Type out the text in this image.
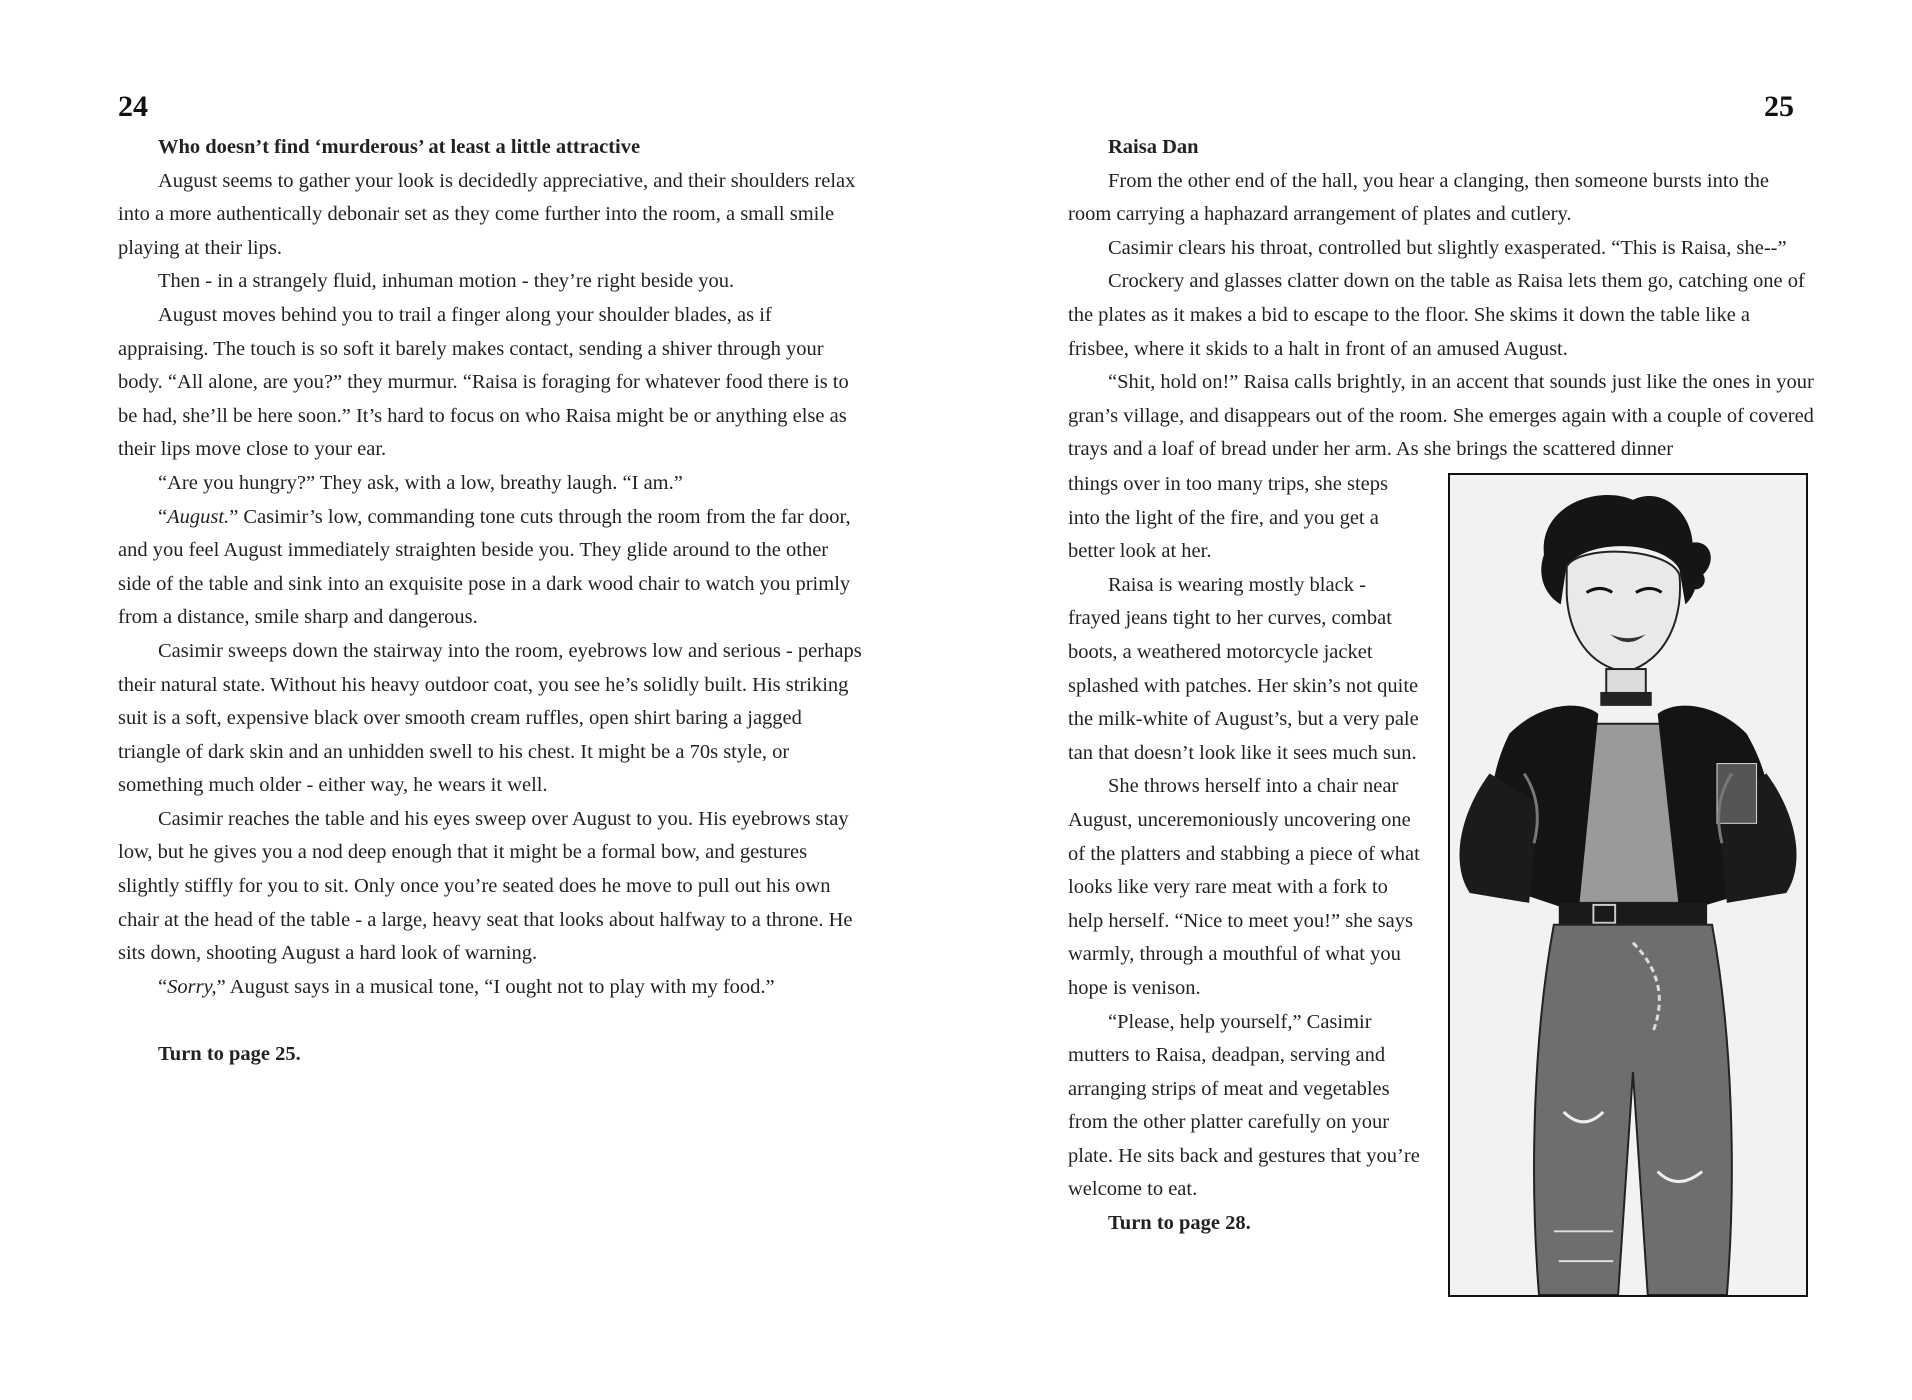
24

Who doesn’t find ‘murderous’ at least a little attractive

August seems to gather your look is decidedly appreciative, and their shoulders relax into a more authentically debonair set as they come further into the room, a small smile playing at their lips.

Then - in a strangely fluid, inhuman motion - they’re right beside you.

August moves behind you to trail a finger along your shoulder blades, as if appraising. The touch is so soft it barely makes contact, sending a shiver through your body. “All alone, are you?” they murmur. “Raisa is foraging for whatever food there is to be had, she’ll be here soon.” It’s hard to focus on who Raisa might be or anything else as their lips move close to your ear.

“Are you hungry?” They ask, with a low, breathy laugh. “I am.”

“August.” Casimir’s low, commanding tone cuts through the room from the far door, and you feel August immediately straighten beside you. They glide around to the other side of the table and sink into an exquisite pose in a dark wood chair to watch you primly from a distance, smile sharp and dangerous.

Casimir sweeps down the stairway into the room, eyebrows low and serious - perhaps their natural state. Without his heavy outdoor coat, you see he’s solidly built. His striking suit is a soft, expensive black over smooth cream ruffles, open shirt baring a jagged triangle of dark skin and an unhidden swell to his chest. It might be a 70s style, or something much older - either way, he wears it well.

Casimir reaches the table and his eyes sweep over August to you. His eyebrows stay low, but he gives you a nod deep enough that it might be a formal bow, and gestures slightly stiffly for you to sit. Only once you’re seated does he move to pull out his own chair at the head of the table - a large, heavy seat that looks about halfway to a throne. He sits down, shooting August a hard look of warning.

“Sorry,” August says in a musical tone, “I ought not to play with my food.”

Turn to page 25.

25

Raisa Dan

From the other end of the hall, you hear a clanging, then someone bursts into the room carrying a haphazard arrangement of plates and cutlery.

Casimir clears his throat, controlled but slightly exasperated. “This is Raisa, she--”

Crockery and glasses clatter down on the table as Raisa lets them go, catching one of the plates as it makes a bid to escape to the floor. She skims it down the table like a frisbee, where it skids to a halt in front of an amused August.

“Shit, hold on!” Raisa calls brightly, in an accent that sounds just like the ones in your gran’s village, and disappears out of the room. She emerges again with a couple of covered trays and a loaf of bread under her arm. As she brings the scattered dinner

things over in too many trips, she steps into the light of the fire, and you get a better look at her.

Raisa is wearing mostly black - frayed jeans tight to her curves, combat boots, a weathered motorcycle jacket splashed with patches. Her skin’s not quite the milk-white of August’s, but a very pale tan that doesn’t look like it sees much sun.

She throws herself into a chair near August, unceremoniously uncovering one of the platters and stabbing a piece of what looks like very rare meat with a fork to help herself. “Nice to meet you!” she says warmly, through a mouthful of what you hope is venison.

“Please, help yourself,” Casimir mutters to Raisa, deadpan, serving and arranging strips of meat and vegetables from the other platter carefully on your plate. He sits back and gestures that you’re welcome to eat.

Turn to page 28.
